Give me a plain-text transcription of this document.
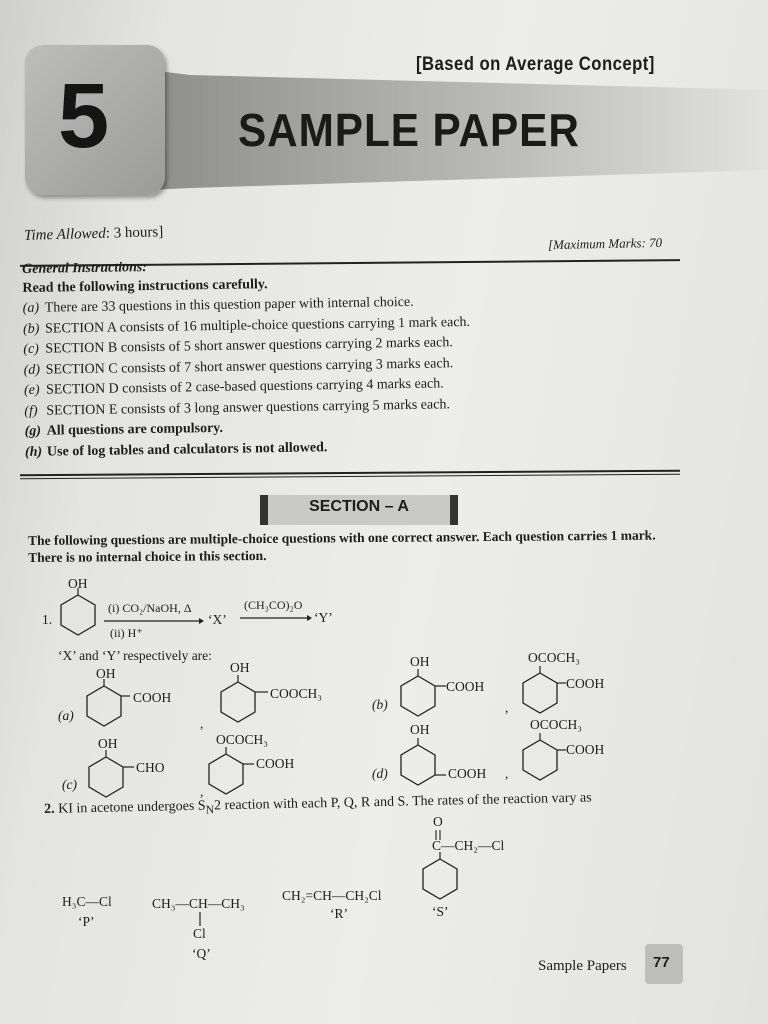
[Based on Average Concept]
5	SAMPLE PAPER
Time Allowed: 3 hours]
[Maximum Marks: 70
General Instructions:
Read the following instructions carefully.
(a) There are 33 questions in this question paper with internal choice.
(b) SECTION A consists of 16 multiple-choice questions carrying 1 mark each.
(c) SECTION B consists of 5 short answer questions carrying 2 marks each.
(d) SECTION C consists of 7 short answer questions carrying 3 marks each.
(e) SECTION D consists of 2 case-based questions carrying 4 marks each.
(f) SECTION E consists of 3 long answer questions carrying 5 marks each.
(g) All questions are compulsory.
(h) Use of log tables and calculators is not allowed.
SECTION – A
The following questions are multiple-choice questions with one correct answer. Each question carries 1 mark. There is no internal choice in this section.
1.
OH
(i) CO₂/NaOH, Δ
(ii) H⁺
‘X’
(CH₃CO)₂O
‘Y’
‘X’ and ‘Y’ respectively are:
(a)
OH
COOH
,
OH
COOCH₃
(b)
OH
COOH
,
OCOCH₃
COOH
(c)
OH
CHO
,
OCOCH₃
COOH
(d)
OH
COOH ,
OCOCH₃
COOH
2. KI in acetone undergoes $S_N2$ reaction with each P, Q, R and S. The rates of the reaction vary as
H₃C—Cl
‘P’
CH₃—CH—CH₃
Cl
‘Q’
CH₂=CH—CH₂Cl
‘R’
O
C—CH₂—Cl
‘S’
Sample Papers 77
